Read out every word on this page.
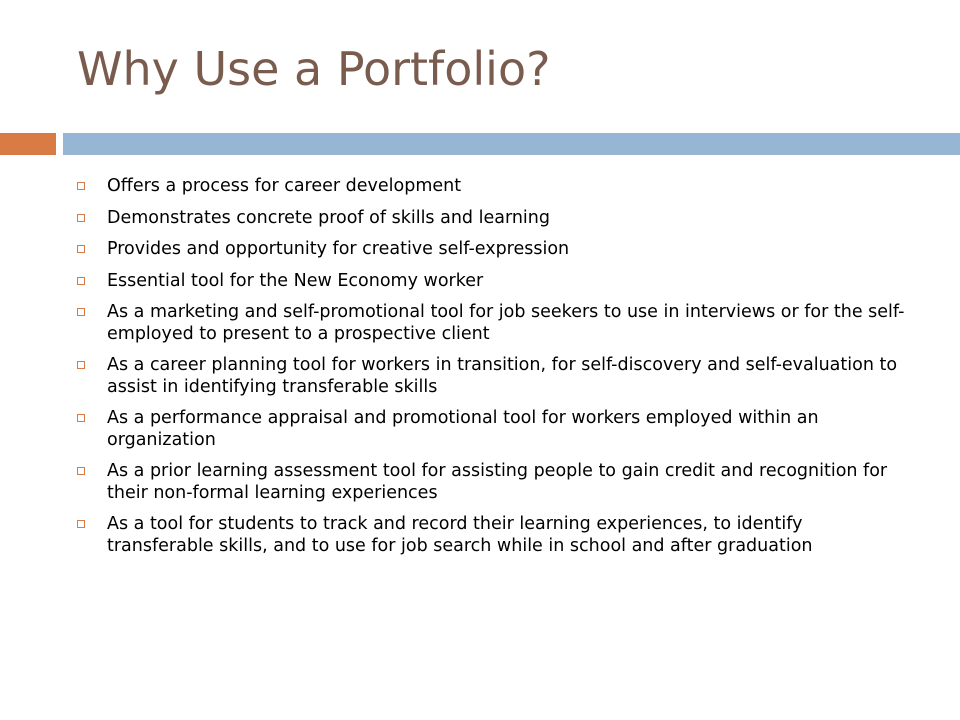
Why Use a Portfolio?
Offers a process for career development
Demonstrates concrete proof of skills and learning
Provides and opportunity for creative self-expression
Essential tool for the New Economy worker
As a marketing and self-promotional tool for job seekers to use in interviews or for the self-employed to present to a prospective client
As a career planning tool for workers in transition, for self-discovery and self-evaluation to assist in identifying transferable skills
As a performance appraisal and promotional tool for workers employed within an organization
As a prior learning assessment tool for assisting people to gain credit and recognition for their non-formal learning experiences
As a tool for students to track and record their learning experiences, to identify transferable skills, and to use for job search while in school and after graduation
